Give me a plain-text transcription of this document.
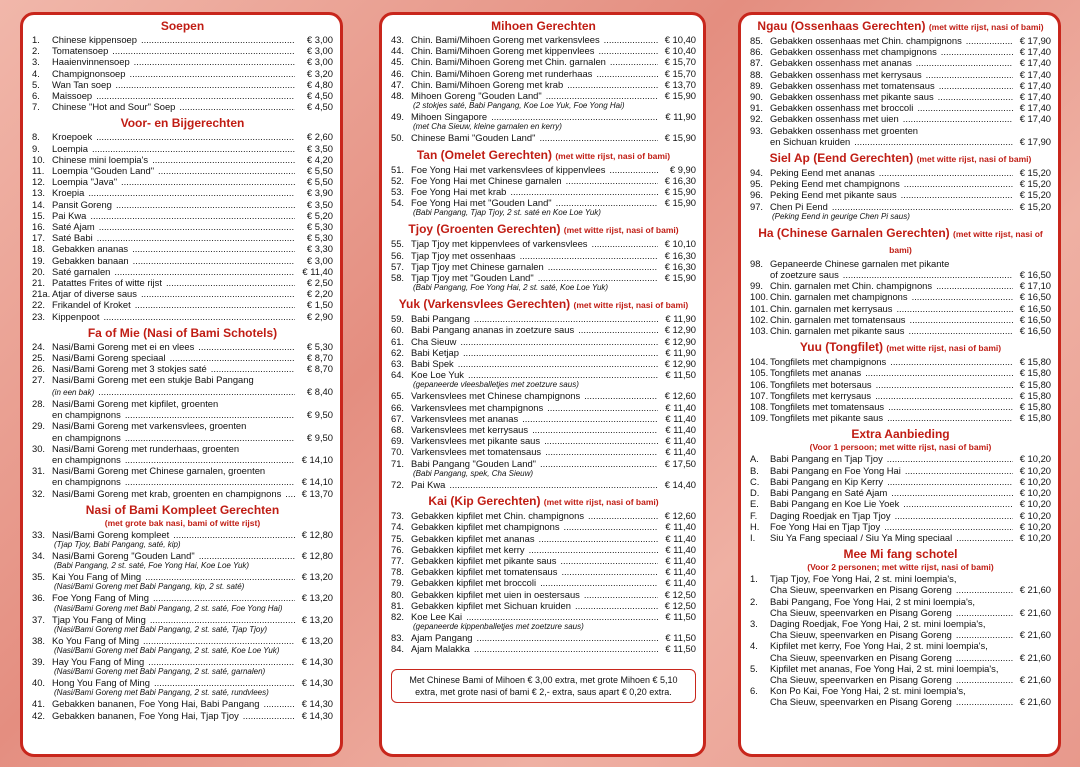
Soepen
1.	Chinese kippensoep .....	€ 3,00
2.	Tomatensoep .....	€ 3,00
3.	Haaienvinnensoep .....	€ 3,00
4.	Champignonsoep .....	€ 3,20
5.	Wan Tan soep .....	€ 4,80
6.	Maissoep .....	€ 4,50
7.	Chinese "Hot and Sour" Soep .....	€ 4,50
Voor- en Bijgerechten
8.	Kroepoek .....	€ 2,60
9.	Loempia .....	€ 3,50
10. Chinese mini loempia's .....	€ 4,20
11. Loempia "Gouden Land" .....	€ 5,50
12. Loempia "Java" .....	€ 5,50
13. Kroepia .....	€ 3,90
14. Pansit Goreng .....	€ 3,50
15. Pai Kwa .....	€ 5,20
16. Saté Ajam .....	€ 5,30
17. Saté Babi .....	€ 5,30
18. Gebakken ananas .....	€ 3,30
19. Gebakken banaan .....	€ 3,00
20. Saté garnalen .....	€ 11,40
21. Patattes Frites of witte rijst .....	€ 2,50
21a. Atjar of diverse saus .....	€ 2,20
22. Frikandel of Kroket .....	€ 1,50
23. Kippenpoot .....	€ 2,90
Fa of Mie (Nasi of Bami Schotels)
24. Nasi/Bami Goreng met ei en vlees .....	€ 5,30
25. Nasi/Bami Goreng speciaal .....	€ 8,70
26. Nasi/Bami Goreng met 3 stokjes saté .....	€ 8,70
27. Nasi/Bami Goreng met een stukje Babi Pangang
(in een bak) .....	€ 8,40
28. Nasi/Bami Goreng met kipfilet, groenten
en champignons .....	€ 9,50
29. Nasi/Bami Goreng met varkensvlees, groenten
en champignons .....	€ 9,50
30. Nasi/Bami Goreng met runderhaas, groenten
en champignons .....	€ 14,10
31. Nasi/Bami Goreng met Chinese garnalen, groenten
en champignons .....	€ 14,10
32. Nasi/Bami Goreng met krab, groenten en champignons .....	€ 13,70
Nasi of Bami Kompleet Gerechten
(met grote bak nasi, bami of witte rijst)
33. Nasi/Bami Goreng kompleet .....	€ 12,80
(Tjap Tjoy, Babi Pangang, saté, kip)
34. Nasi/Bami Goreng "Gouden Land" .....	€ 12,80
(Babi Pangang, 2 st. saté, Foe Yong Hai, Koe Loe Yuk)
35. Kai You Fang of Ming .....	€ 13,20
(Nasi/Bami Goreng met Babi Pangang, kip, 2 st. saté)
36. Foe Yong Fang of Ming .....	€ 13,20
(Nasi/Bami Goreng met Babi Pangang, 2 st. saté, Foe Yong Hai)
37. Tjap You Fang of Ming .....	€ 13,20
(Nasi/Bami Goreng met Babi Pangang, 2 st. saté, Tjap Tjoy)
38. Ko You Fang of Ming .....	€ 13,20
(Nasi/Bami Goreng met Babi Pangang, 2 st. saté, Koe Loe Yuk)
39. Hay You Fang of Ming .....	€ 14,30
(Nasi/Bami Goreng met Babi Pangang, 2 st. saté, garnalen)
40. Hong You Fang of Ming .....	€ 14,30
(Nasi/Bami Goreng met Babi Pangang, 2 st. saté, rundvlees)
41. Gebakken bananen, Foe Yong Hai, Babi Pangang .....	€ 14,30
42. Gebakken bananen, Foe Yong Hai, Tjap Tjoy .....	€ 14,30
Mihoen Gerechten
43. Chin. Bami/Mihoen Goreng met varkensvlees .....	€ 10,40
44. Chin. Bami/Mihoen Goreng met kippenvlees .....	€ 10,40
45. Chin. Bami/Mihoen Goreng met Chin. garnalen .....	€ 15,70
46. Chin. Bami/Mihoen Goreng met runderhaas .....	€ 15,70
47. Chin. Bami/Mihoen Goreng met krab .....	€ 13,70
48. Mihoen Goreng "Gouden Land" .....	€ 15,90
(2 stokjes saté, Babi Pangang, Koe Loe Yuk, Foe Yong Hai)
49. Mihoen Singapore .....	€ 11,90
(met Cha Sieuw, kleine garnalen en kerry)
50. Chinese Bami "Gouden Land" .....	€ 15,90
Tan (Omelet Gerechten) (met witte rijst, nasi of bami)
51. Foe Yong Hai met varkensvlees of kippenvlees .....	€ 9,90
52. Foe Yong Hai met Chinese garnalen .....	€ 16,30
53. Foe Yong Hai met krab .....	€ 15,90
54. Foe Yong Hai met "Gouden Land" .....	€ 15,90
(Babi Pangang, Tjap Tjoy, 2 st. saté en Koe Loe Yuk)
Tjoy (Groenten Gerechten) (met witte rijst, nasi of bami)
55. Tjap Tjoy met kippenvlees of varkensvlees .....	€ 10,10
56. Tjap Tjoy met ossenhaas .....	€ 16,30
57. Tjap Tjoy met Chinese garnalen .....	€ 16,30
58. Tjap Tjoy met "Gouden Land" .....	€ 15,90
(Babi Pangang, Foe Yong Hai, 2 st. saté, Koe Loe Yuk)
Yuk (Varkensvlees Gerechten) (met witte rijst, nasi of bami)
59. Babi Pangang .....	€ 11,90
60. Babi Pangang ananas in zoetzure saus .....	€ 12,90
61. Cha Sieuw .....	€ 12,90
62. Babi Ketjap .....	€ 11,90
63. Babi Spek .....	€ 12,90
64. Koe Loe Yuk .....	€ 11,50
(gepaneerde vleesballetjes met zoetzure saus)
65. Varkensvlees met Chinese champignons .....	€ 12,60
66. Varkensvlees met champignons .....	€ 11,40
67. Varkensvlees met ananas .....	€ 11,40
68. Varkensvlees met kerrysaus .....	€ 11,40
69. Varkensvlees met pikante saus .....	€ 11,40
70. Varkensvlees met tomatensaus .....	€ 11,40
71. Babi Pangang "Gouden Land" .....	€ 17,50
(Babi Pangang, spek, Cha Sieuw)
72. Pai Kwa .....	€ 14,40
Kai (Kip Gerechten) (met witte rijst, nasi of bami)
73. Gebakken kipfilet met Chin. champignons .....	€ 12,60
74. Gebakken kipfilet met champignons .....	€ 11,40
75. Gebakken kipfilet met ananas .....	€ 11,40
76. Gebakken kipfilet met kerry .....	€ 11,40
77. Gebakken kipfilet met pikante saus .....	€ 11,40
78. Gebakken kipfilet met tomatensaus .....	€ 11,40
79. Gebakken kipfilet met broccoli .....	€ 11,40
80. Gebakken kipfilet met uien in oestersaus .....	€ 12,50
81. Gebakken kipfilet met Sichuan kruiden .....	€ 12,50
82. Koe Lee Kai .....	€ 11,50
(gepaneerde kippenballetjes met zoetzure saus)
83. Ajam Pangang .....	€ 11,50
84. Ajam Malakka .....	€ 11,50
Met Chinese Bami of Mihoen € 3,00 extra, met grote Mihoen € 5,10
extra, met grote nasi of bami € 2,- extra, saus apart € 0,20 extra.
Ngau (Ossenhaas Gerechten) (met witte rijst, nasi of bami)
85. Gebakken ossenhaas met Chin. champignons .....	€ 17,90
86. Gebakken ossenhass met champignons .....	€ 17,40
87. Gebakken ossenhass met ananas .....	€ 17,40
88. Gebakken ossenhass met kerrysaus .....	€ 17,40
89. Gebakken ossenhass met tomatensaus .....	€ 17,40
90. Gebakken ossenhass met pikante saus .....	€ 17,40
91. Gebakken ossenhass met broccoli .....	€ 17,40
92. Gebakken ossenhass met uien .....	€ 17,40
93. Gebakken ossenhass met groenten
en Sichuan kruiden .....	€ 17,90
Siel Ap (Eend Gerechten) (met witte rijst, nasi of bami)
94. Peking Eend met ananas .....	€ 15,20
95. Peking Eend met champignons .....	€ 15,20
96. Peking Eend met pikante saus .....	€ 15,20
97. Chen Pi Eend .....	€ 15,20
(Peking Eend in geurige Chen Pi saus)
Ha (Chinese Garnalen Gerechten) (met witte rijst, nasi of bami)
98. Gepaneerde Chinese garnalen met pikante
of zoetzure saus .....	€ 16,50
99. Chin. garnalen met Chin. champignons .....	€ 17,10
100. Chin. garnalen met champignons .....	€ 16,50
101. Chin. garnalen met kerrysaus .....	€ 16,50
102. Chin. garnalen met tomatensaus .....	€ 16,50
103. Chin. garnalen met pikante saus .....	€ 16,50
Yuu (Tongfilet) (met witte rijst, nasi of bami)
104. Tongfilets met champignons .....	€ 15,80
105. Tongfilets met ananas .....	€ 15,80
106. Tongfilets met botersaus .....	€ 15,80
107. Tongfilets met kerrysaus .....	€ 15,80
108. Tongfilets met tomatensaus .....	€ 15,80
109. Tongfilets met pikante saus .....	€ 15,80
Extra Aanbieding
(Voor 1 persoon; met witte rijst, nasi of bami)
A.	Babi Pangang en Tjap Tjoy .....	€ 10,20
B.	Babi Pangang en Foe Yong Hai .....	€ 10,20
C.	Babi Pangang en Kip Kerry .....	€ 10,20
D.	Babi Pangang en Saté Ajam .....	€ 10,20
E.	Babi Pangang en Koe Lie Yoek .....	€ 10,20
F.	Daging Roedjak en Tjap Tjoy .....	€ 10,20
H.	Foe Yong Hai en Tjap Tjoy .....	€ 10,20
I.	Siu Ya Fang speciaal / Siu Ya Ming speciaal .....	€ 10,20
Mee Mi fang schotel
(Voor 2 personen; met witte rijst, nasi of bami)
1.	Tjap Tjoy, Foe Yong Hai, 2 st. mini loempia's,
Cha Sieuw, speenvarken en Pisang Goreng .....	€ 21,60
2.	Babi Pangang, Foe Yong Hai, 2 st mini loempia's,
Cha Sieuw, speenvarken en Pisang Goreng .....	€ 21,60
3.	Daging Roedjak, Foe Yong Hai, 2 st. mini loempia's,
Cha Sieuw, speenvarken en Pisang Goreng .....	€ 21,60
4.	Kipfilet met kerry, Foe Yong Hai, 2 st. mini loempia's,
Cha Sieuw, speenvarken en Pisang Goreng .....	€ 21,60
5.	Kipfilet met ananas, Foe Yong Hai, 2 st. mini loempia's,
Cha Sieuw, speenvarken en Pisang Goreng .....	€ 21,60
6.	Kon Po Kai, Foe Yong Hai, 2 st. mini loempia's,
Cha Sieuw, speenvarken en Pisang Goreng .....	€ 21,60
